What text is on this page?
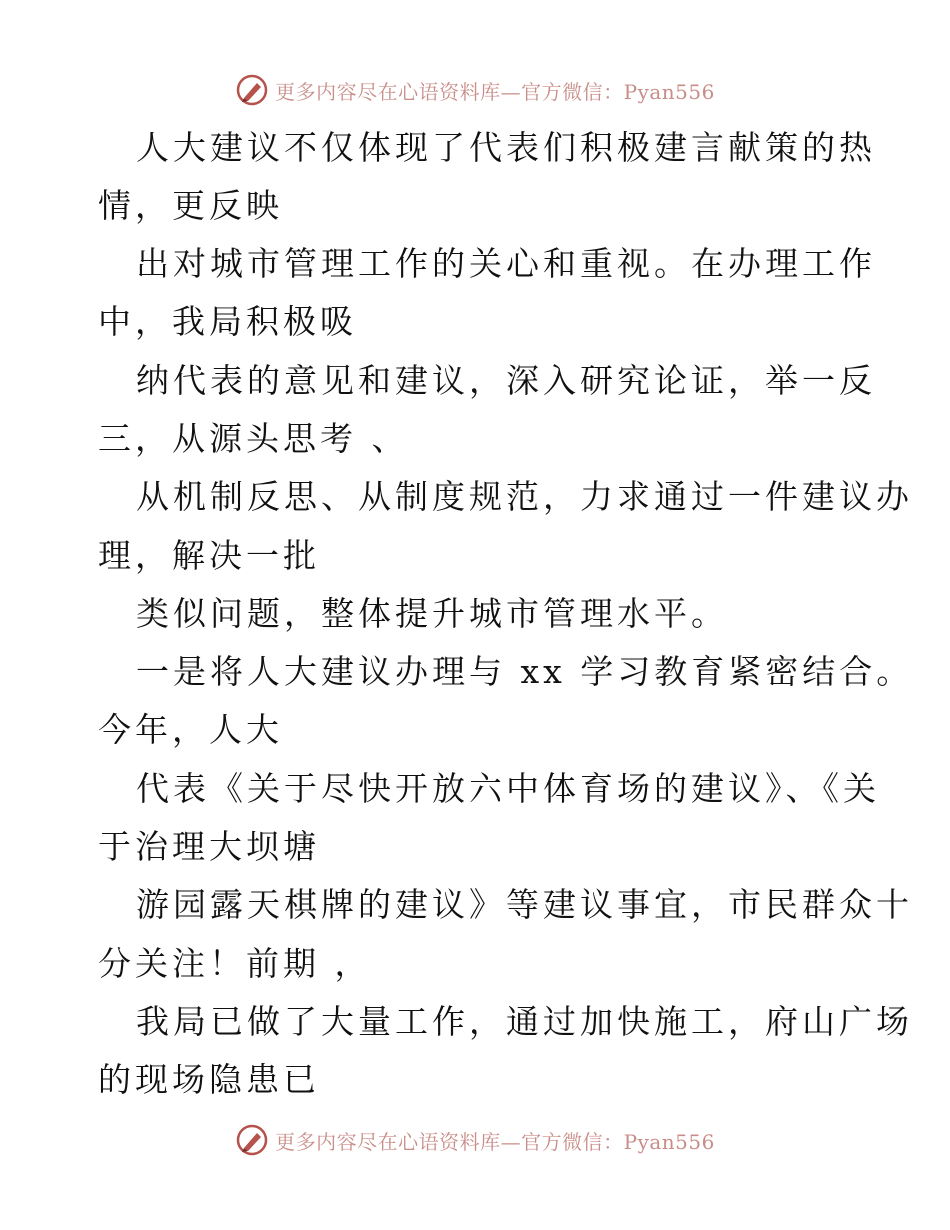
更多内容尽在心语资料库—官方微信：Pyan556
人大建议不仅体现了代表们积极建言献策的热
情，更反映
出对城市管理工作的关心和重视。在办理工作
中，我局积极吸
纳代表的意见和建议，深入研究论证，举一反
三，从源头思考 、
从机制反思、从制度规范，力求通过一件建议办
理，解决一批
类似问题，整体提升城市管理水平。
一是将人大建议办理与 xx 学习教育紧密结合。
今年，人大
代表《关于尽快开放六中体育场的建议》、《关
于治理大坝塘
游园露天棋牌的建议》等建议事宜，市民群众十
分关注！前期 ，
我局已做了大量工作，通过加快施工，府山广场
的现场隐患已
更多内容尽在心语资料库—官方微信：Pyan556
